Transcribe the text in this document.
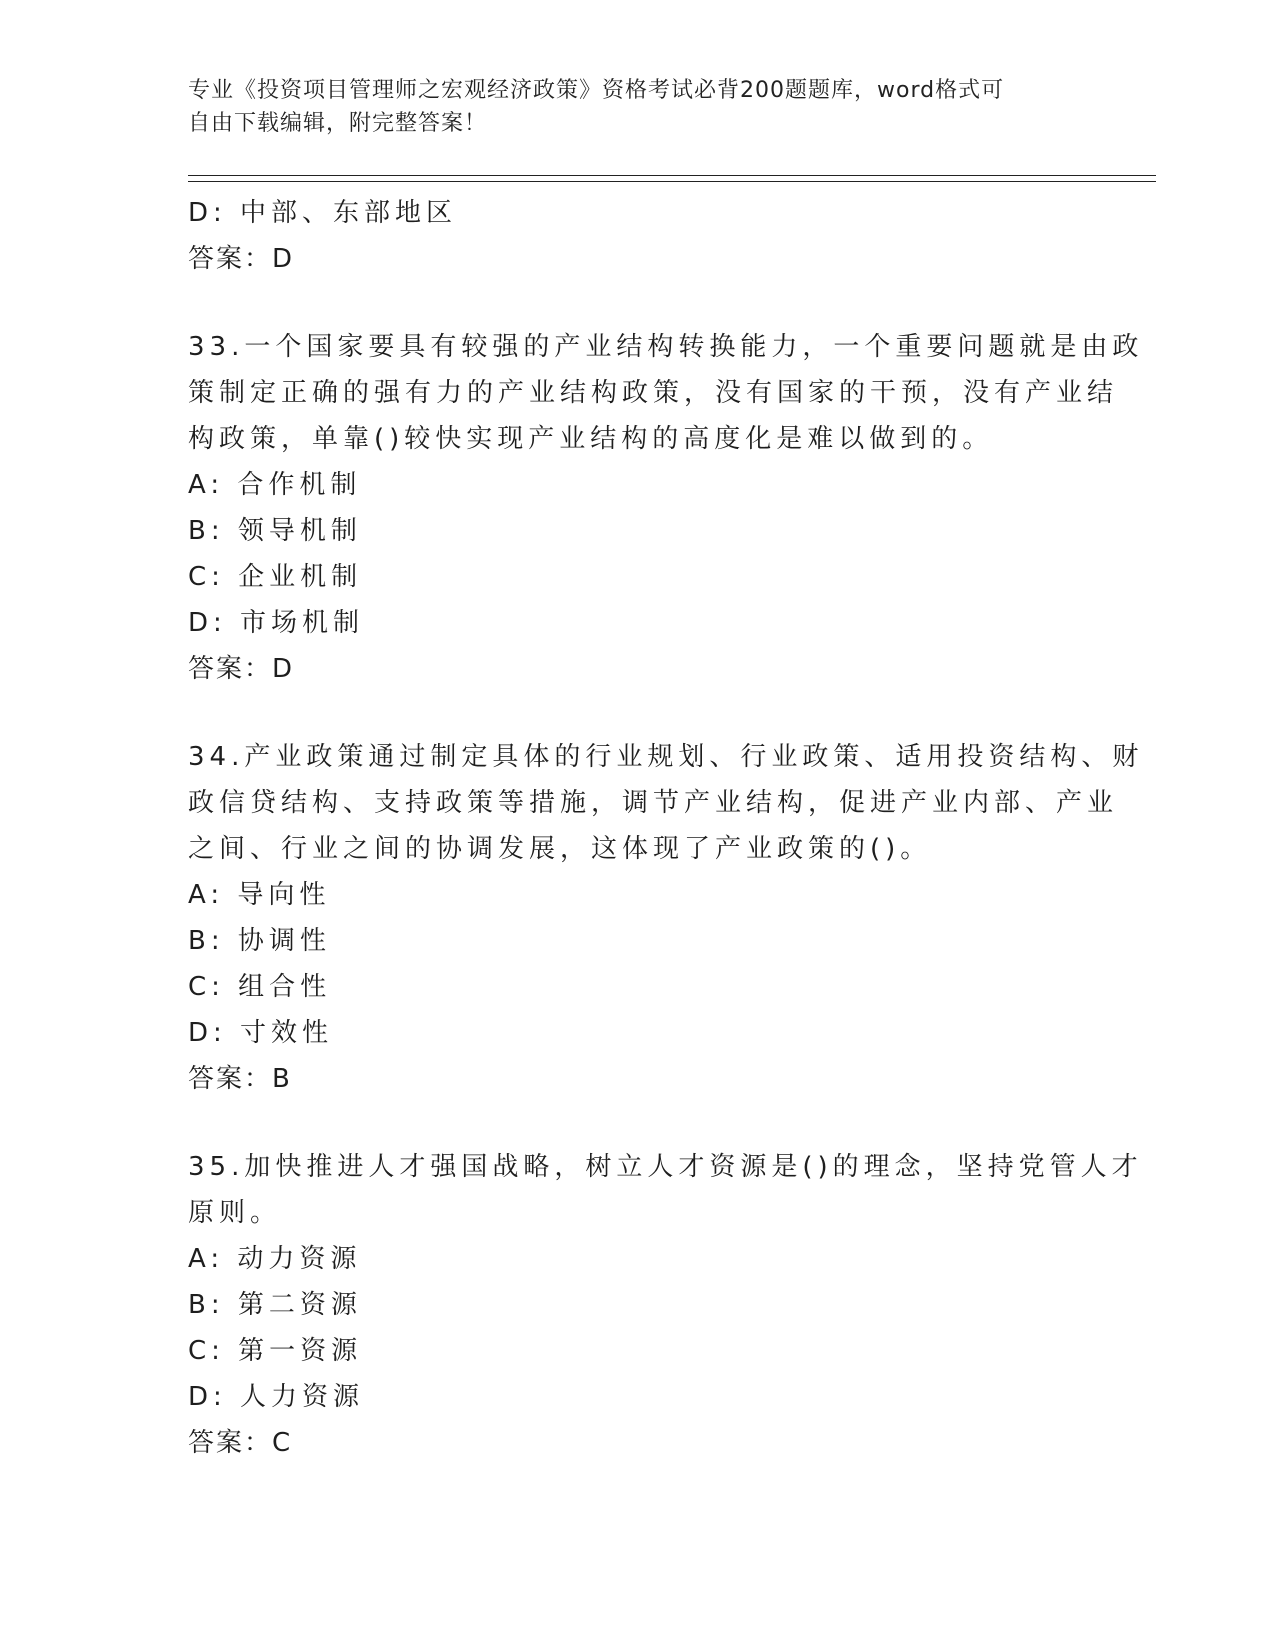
专业《投资项目管理师之宏观经济政策》资格考试必背200题题库，word格式可
自由下载编辑，附完整答案！
D: 中部、东部地区
答案：D
33.一个国家要具有较强的产业结构转换能力，一个重要问题就是由政
策制定正确的强有力的产业结构政策，没有国家的干预，没有产业结
构政策，单靠()较快实现产业结构的高度化是难以做到的。
A: 合作机制
B: 领导机制
C: 企业机制
D: 市场机制
答案：D
34.产业政策通过制定具体的行业规划、行业政策、适用投资结构、财
政信贷结构、支持政策等措施，调节产业结构，促进产业内部、产业
之间、行业之间的协调发展，这体现了产业政策的()。
A: 导向性
B: 协调性
C: 组合性
D: 寸效性
答案：B
35.加快推进人才强国战略，树立人才资源是()的理念，坚持党管人才
原则。
A: 动力资源
B: 第二资源
C: 第一资源
D: 人力资源
答案：C
